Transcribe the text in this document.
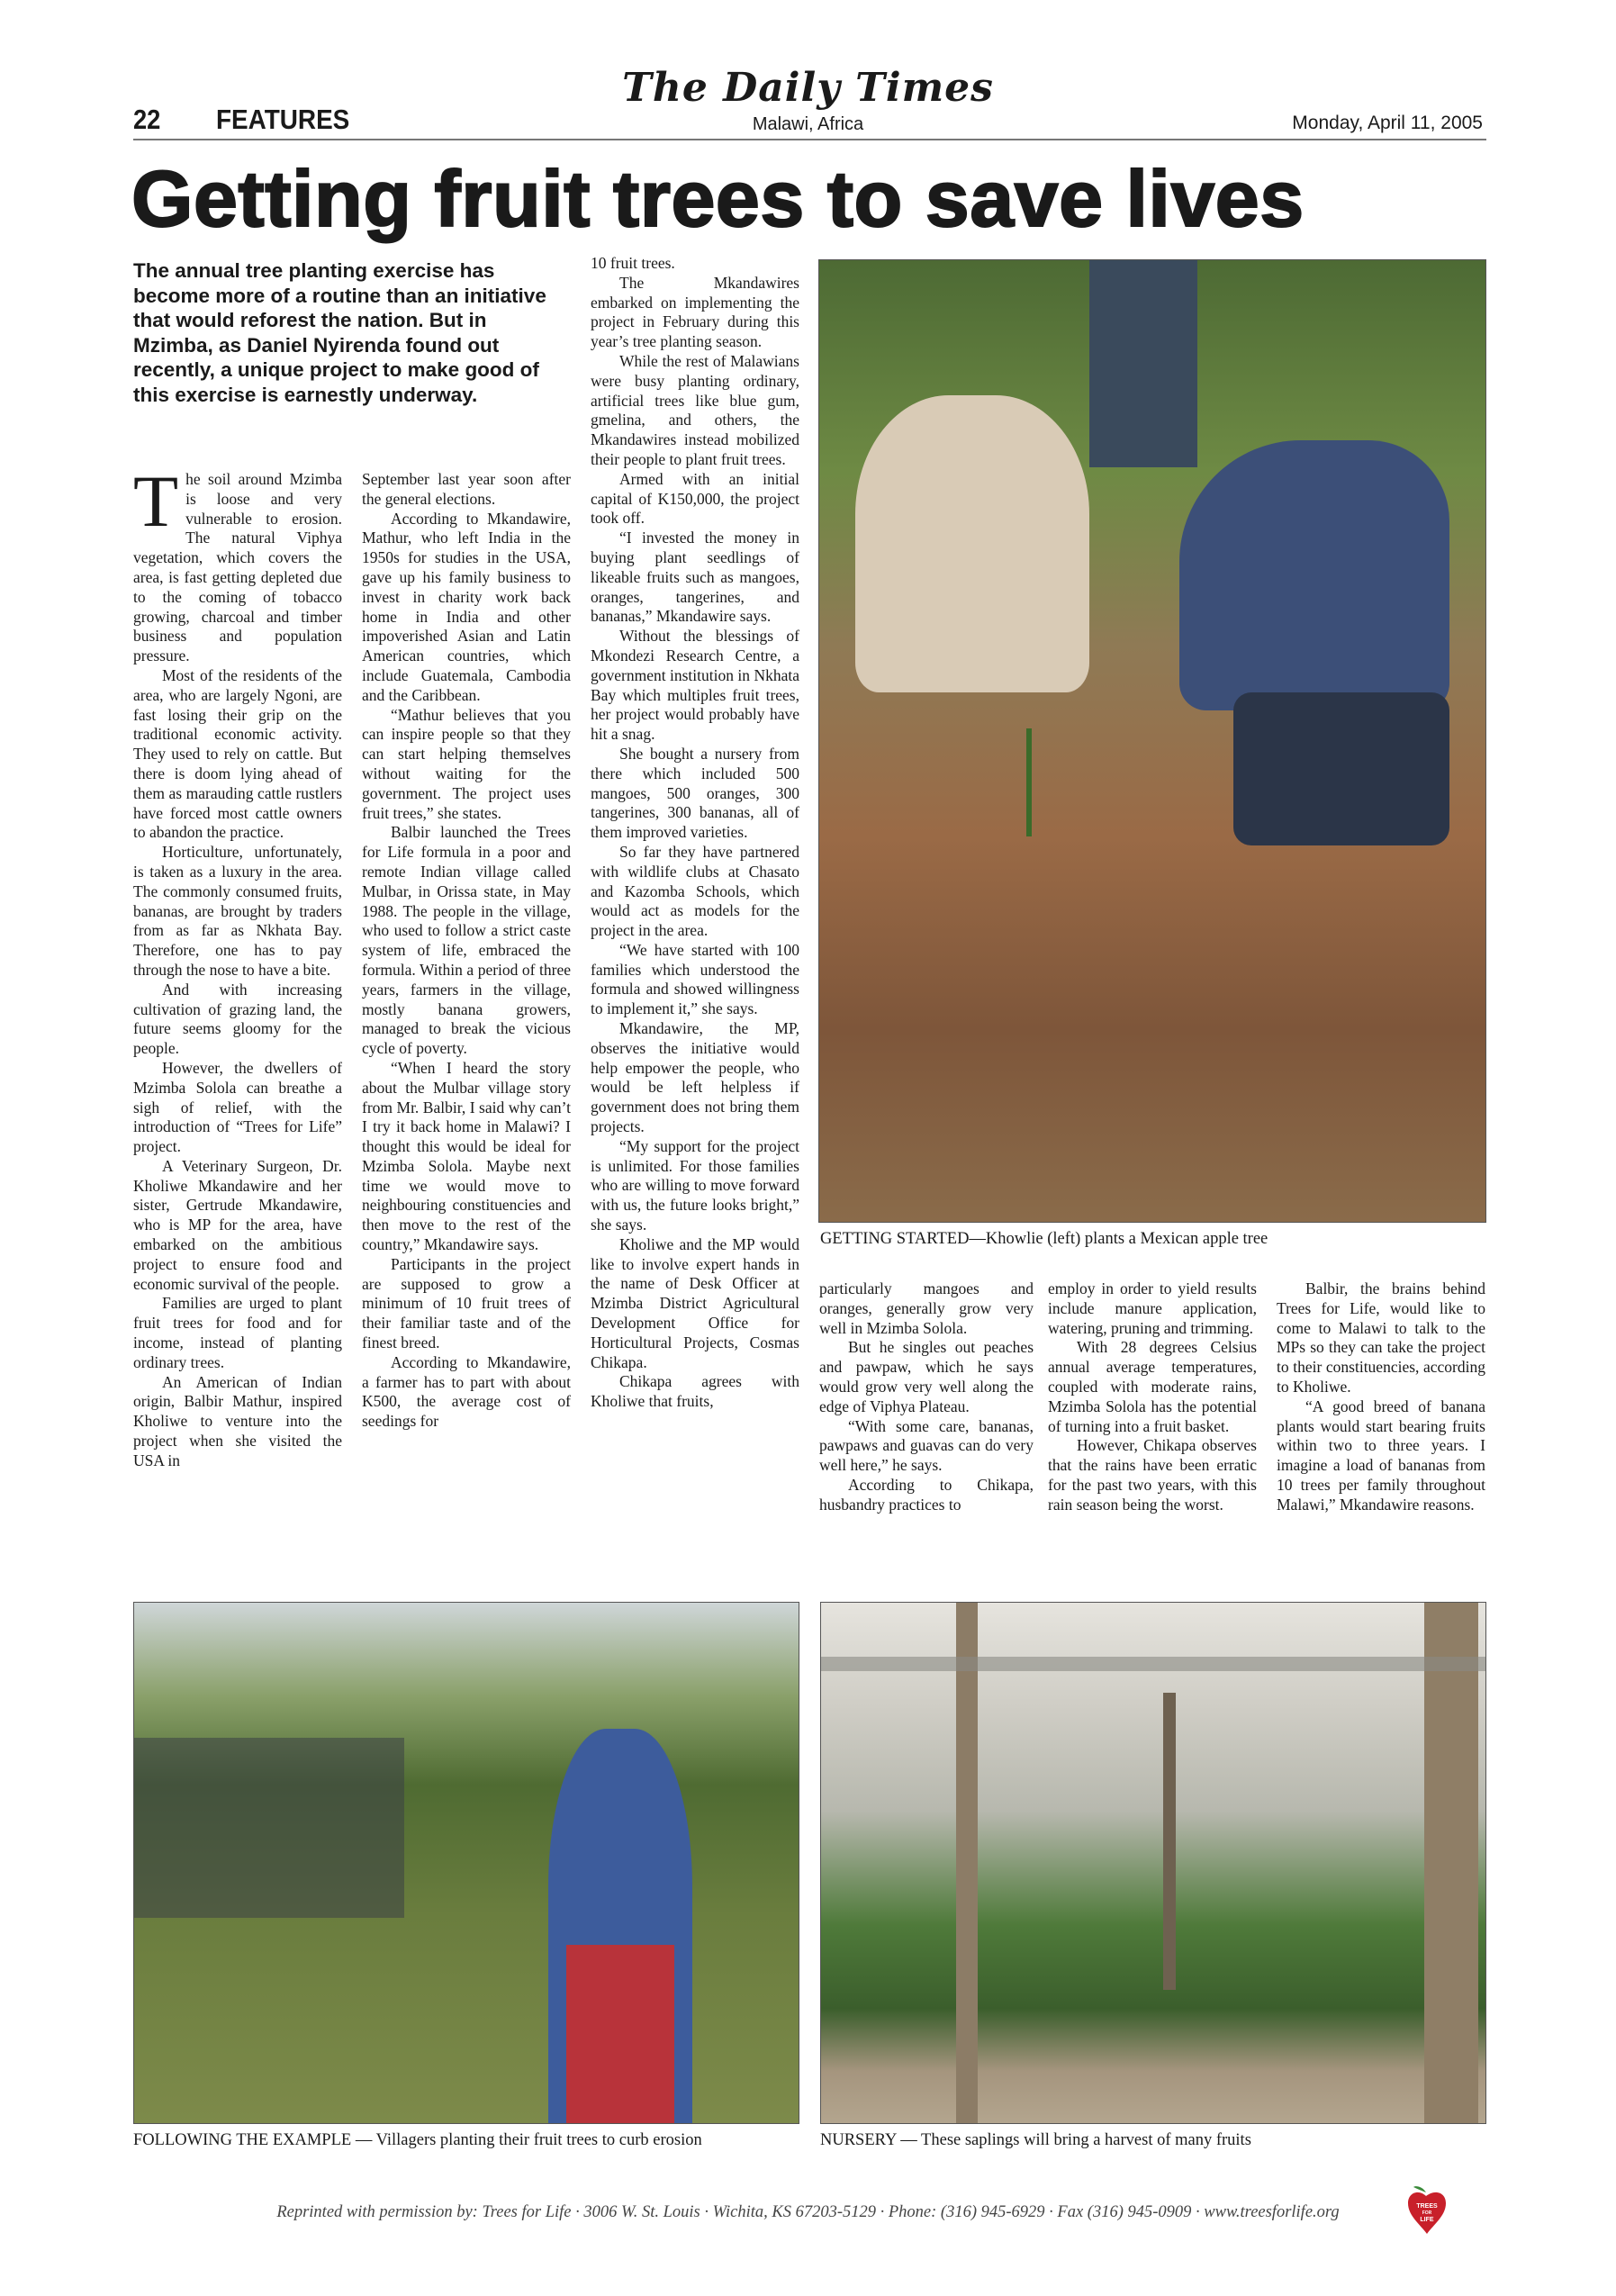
The Daily Times
22 FEATURES	Malawi, Africa	Monday, April 11, 2005
Getting fruit trees to save lives
The annual tree planting exercise has become more of a routine than an initiative that would reforest the nation. But in Mzimba, as Daniel Nyirenda found out recently, a unique project to make good of this exercise is earnestly underway.

The soil around Mzimba is loose and very vulnerable to erosion. The natural Viphya vegetation, which covers the area, is fast getting depleted due to the coming of tobacco growing, charcoal and timber business and population pressure.

Most of the residents of the area, who are largely Ngoni, are fast losing their grip on the traditional economic activity. They used to rely on cattle. But there is doom lying ahead of them as marauding cattle rustlers have forced most cattle owners to abandon the practice.

Horticulture, unfortunately, is taken as a luxury in the area. The commonly consumed fruits, bananas, are brought by traders from as far as Nkhata Bay. Therefore, one has to pay through the nose to have a bite.

And with increasing cultivation of grazing land, the future seems gloomy for the people.

However, the dwellers of Mzimba Solola can breathe a sigh of relief, with the introduction of “Trees for Life” project.

A Veterinary Surgeon, Dr. Kholiwe Mkandawire and her sister, Gertrude Mkandawire, who is MP for the area, have embarked on the ambitious project to ensure food and economic survival of the people.

Families are urged to plant fruit trees for food and for income, instead of planting ordinary trees.

An American of Indian origin, Balbir Mathur, inspired Kholiwe to venture into the project when she visited the USA in

September last year soon after the general elections.

According to Mkandawire, Mathur, who left India in the 1950s for studies in the USA, gave up his family business to invest in charity work back home in India and other impoverished Asian and Latin American countries, which include Guatemala, Cambodia and the Caribbean.

“Mathur believes that you can inspire people so that they can start helping themselves without waiting for the government. The project uses fruit trees,” she states.

Balbir launched the Trees for Life formula in a poor and remote Indian village called Mulbar, in Orissa state, in May 1988. The people in the village, who used to follow a strict caste system of life, embraced the formula. Within a period of three years, farmers in the village, mostly banana growers, managed to break the vicious cycle of poverty.

“When I heard the story about the Mulbar village story from Mr. Balbir, I said why can’t I try it back home in Malawi? I thought this would be ideal for Mzimba Solola. Maybe next time we would move to neighbouring constituencies and then move to the rest of the country,” Mkandawire says.

Participants in the project are supposed to grow a minimum of 10 fruit trees of their familiar taste and of the finest breed.

According to Mkandawire, a farmer has to part with about K500, the average cost of seedings for

10 fruit trees.

The Mkandawires embarked on implementing the project in February during this year’s tree planting season.

While the rest of Malawians were busy planting ordinary, artificial trees like blue gum, gmelina, and others, the Mkandawires instead mobilized their people to plant fruit trees.

Armed with an initial capital of K150,000, the project took off.

“I invested the money in buying plant seedlings of likeable fruits such as mangoes, oranges, tangerines, and bananas,” Mkandawire says.

Without the blessings of Mkondezi Research Centre, a government institution in Nkhata Bay which multiples fruit trees, her project would probably have hit a snag.

She bought a nursery from there which included 500 mangoes, 500 oranges, 300 tangerines, 300 bananas, all of them improved varieties.

So far they have partnered with wildlife clubs at Chasato and Kazomba Schools, which would act as models for the project in the area.

“We have started with 100 families which understood the formula and showed willingness to implement it,” she says.

Mkandawire, the MP, observes the initiative would help empower the people, who would be left helpless if government does not bring them projects.

“My support for the project is unlimited. For those families who are willing to move forward with us, the future looks bright,” she says.

Kholiwe and the MP would like to involve expert hands in the name of Desk Officer at Mzimba District Agricultural Development Office for Horticultural Projects, Cosmas Chikapa.

Chikapa agrees with Kholiwe that fruits,

GETTING STARTED—Khowlie (left) plants a Mexican apple tree

particularly mangoes and oranges, generally grow very well in Mzimba Solola.

But he singles out peaches and pawpaw, which he says would grow very well along the edge of Viphya Plateau.

“With some care, bananas, pawpaws and guavas can do very well here,” he says.

According to Chikapa, husbandry practices to

employ in order to yield results include manure application, watering, pruning and trimming.

With 28 degrees Celsius annual average temperatures, coupled with moderate rains, Mzimba Solola has the potential of turning into a fruit basket.

However, Chikapa observes that the rains have been erratic for the past two years, with this rain season being the worst.

Balbir, the brains behind Trees for Life, would like to come to Malawi to talk to the MPs so they can take the project to their constituencies, according to Kholiwe.

“A good breed of banana plants would start bearing fruits within two to three years. I imagine a load of bananas from 10 trees per family throughout Malawi,” Mkandawire reasons.

FOLLOWING THE EXAMPLE — Villagers planting their fruit trees to curb erosion	NURSERY — These saplings will bring a harvest of many fruits
Reprinted with permission by: Trees for Life · 3006 W. St. Louis · Wichita, KS 67203-5129 · Phone: (316) 945-6929 · Fax (316) 945-0909 · www.treesforlife.org	TREES
FOR
LIFE
